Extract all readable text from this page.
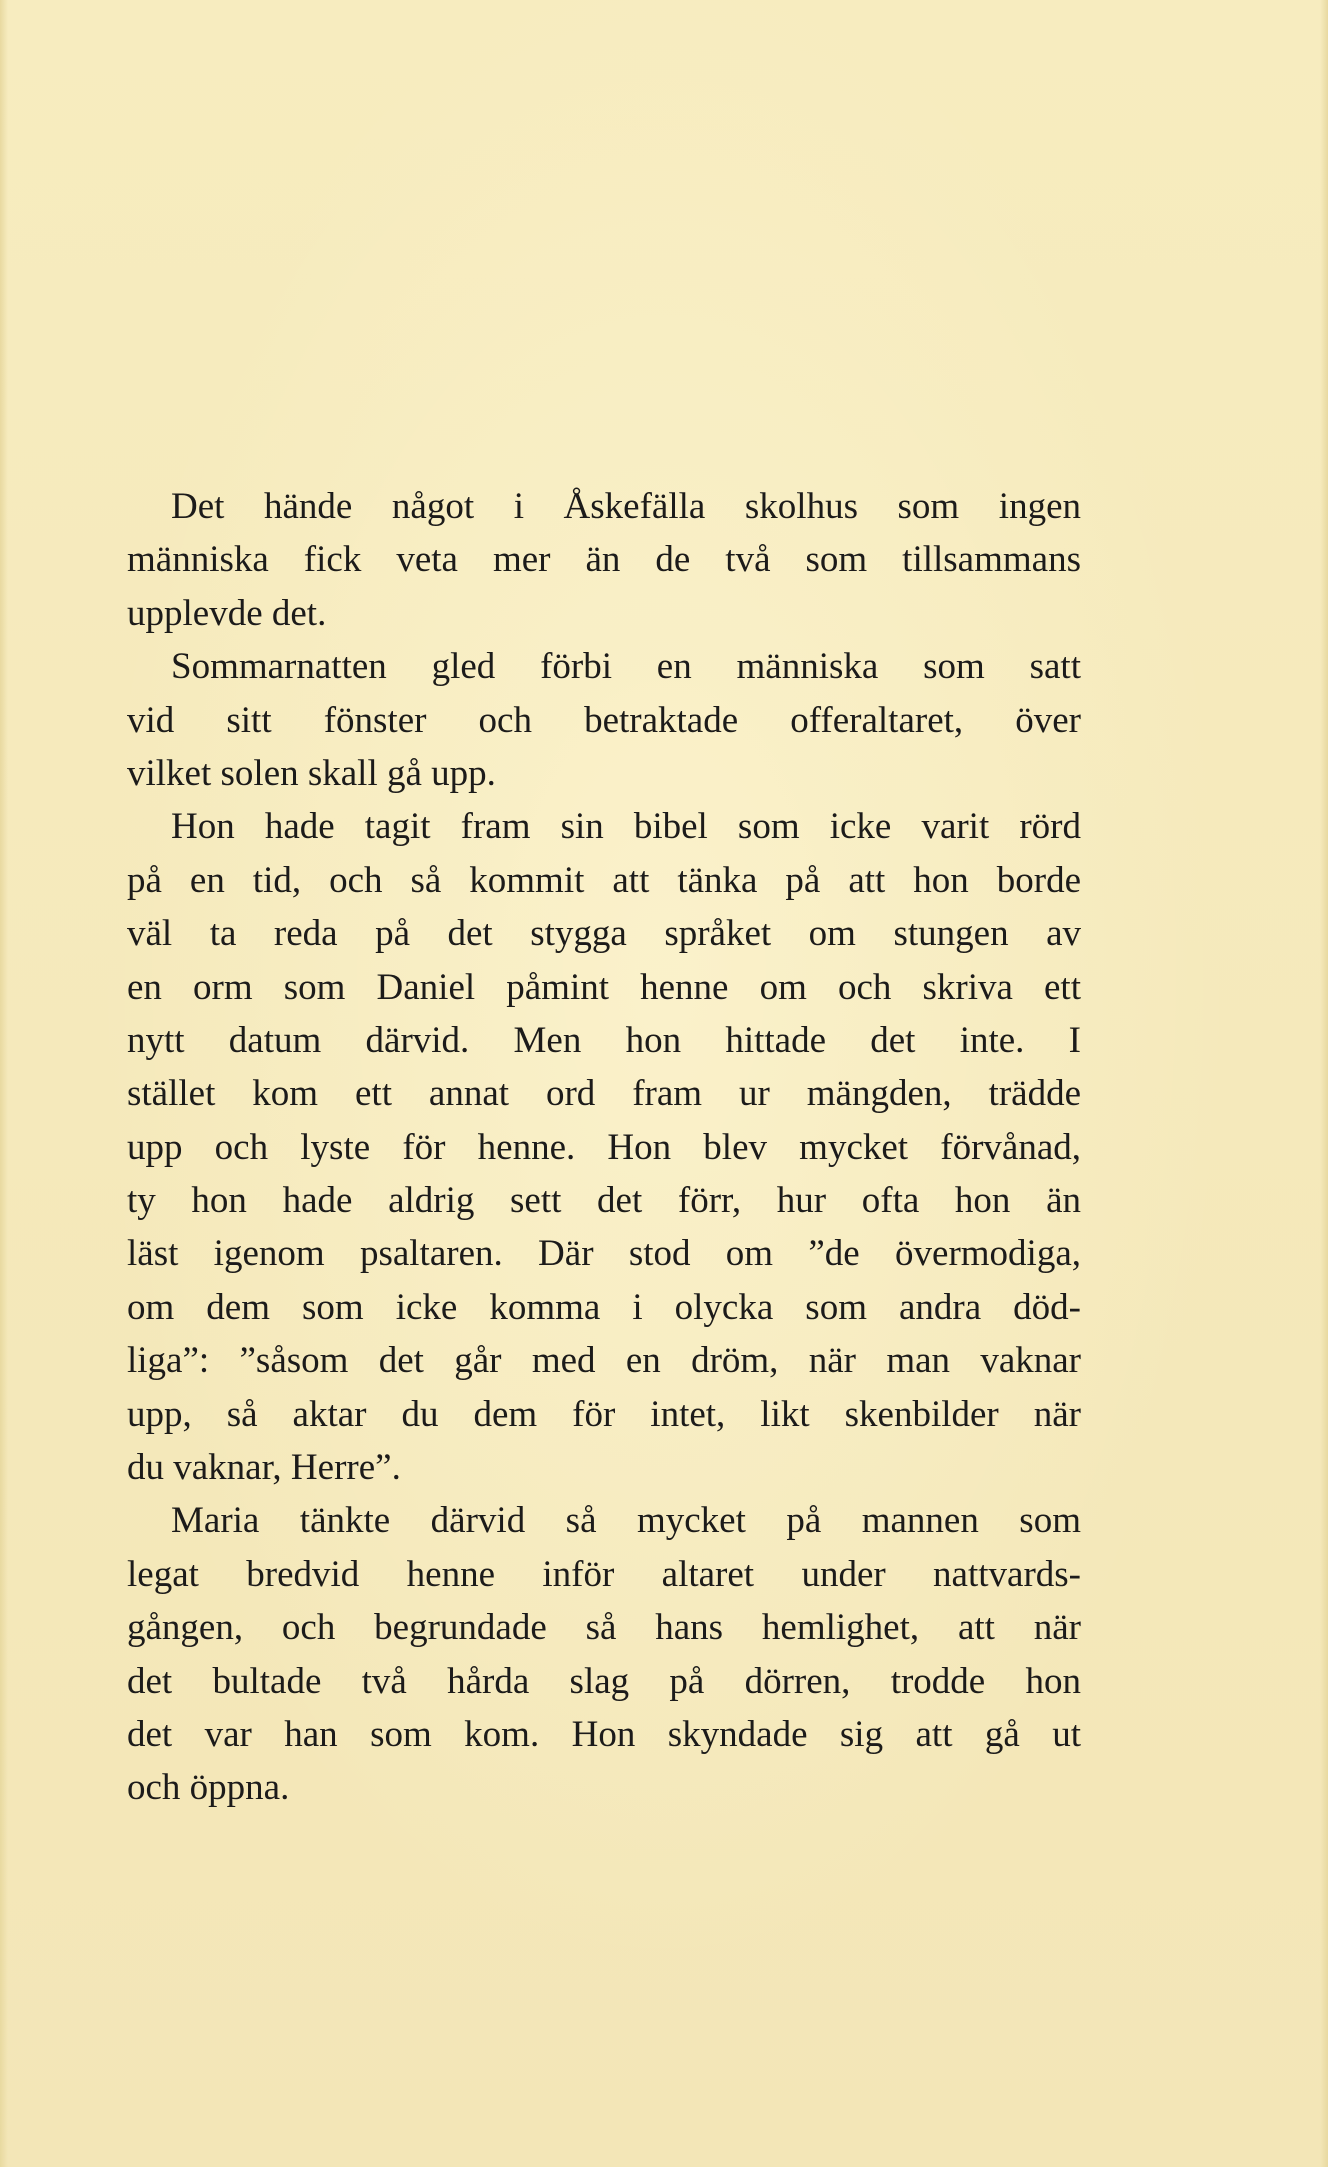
Det hände något i Åskefälla skolhus som ingen
människa fick veta mer än de två som tillsammans
upplevde det.
Sommarnatten gled förbi en människa som satt
vid sitt fönster och betraktade offeraltaret, över
vilket solen skall gå upp.
Hon hade tagit fram sin bibel som icke varit rörd
på en tid, och så kommit att tänka på att hon borde
väl ta reda på det stygga språket om stungen av
en orm som Daniel påmint henne om och skriva ett
nytt datum därvid. Men hon hittade det inte. I
stället kom ett annat ord fram ur mängden, trädde
upp och lyste för henne. Hon blev mycket förvånad,
ty hon hade aldrig sett det förr, hur ofta hon än
läst igenom psaltaren. Där stod om ”de övermodiga,
om dem som icke komma i olycka som andra död-
liga”: ”såsom det går med en dröm, när man vaknar
upp, så aktar du dem för intet, likt skenbilder när
du vaknar, Herre”.
Maria tänkte därvid så mycket på mannen som
legat bredvid henne inför altaret under nattvards-
gången, och begrundade så hans hemlighet, att när
det bultade två hårda slag på dörren, trodde hon
det var han som kom. Hon skyndade sig att gå ut
och öppna.
